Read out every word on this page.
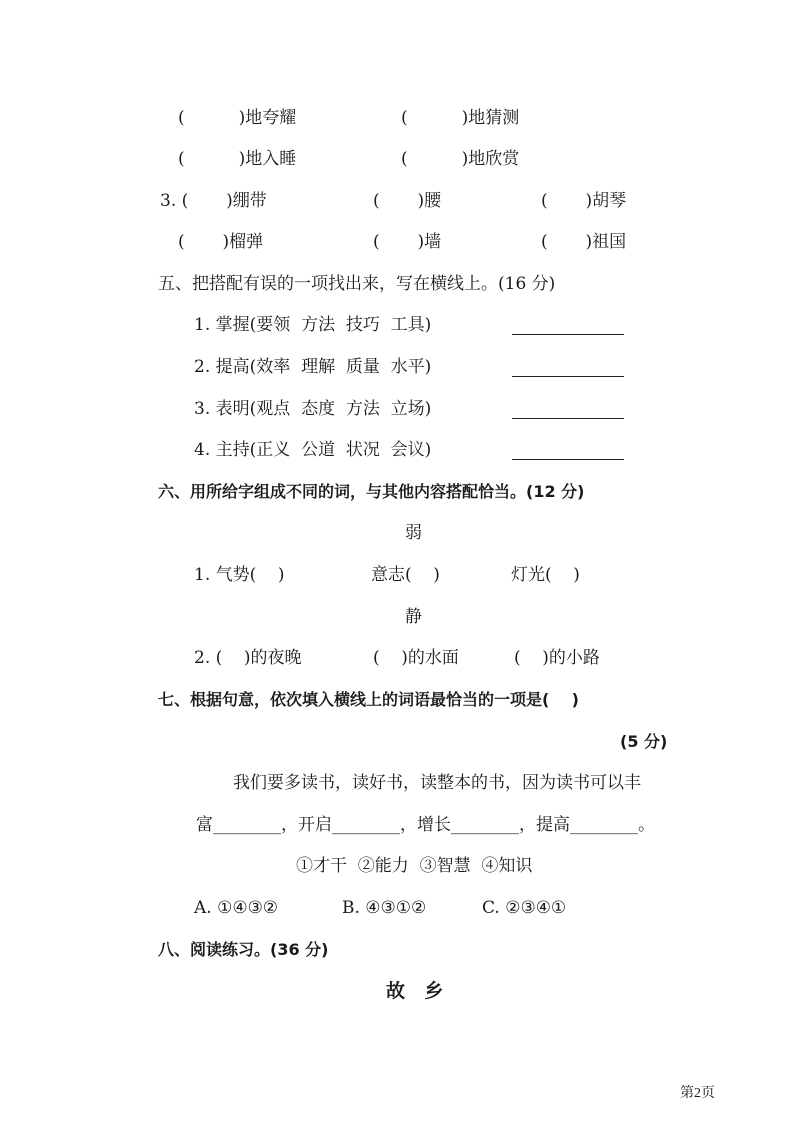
(          )地夸耀	(          )地猜测
(          )地入睡	(          )地欣赏
3. (       )绷带	(       )腰	(       )胡琴
(       )榴弹	(       )墙	(       )祖国
五、把搭配有误的一项找出来，写在横线上。(16 分)
1. 掌握(要领  方法  技巧  工具)
2. 提高(效率  理解  质量  水平)
3. 表明(观点  态度  方法  立场)
4. 主持(正义  公道  状况  会议)
六、用所给字组成不同的词，与其他内容搭配恰当。(12 分)
弱
1. 气势(    )	意志(    )	灯光(    )
静
2. (    )的夜晚	(    )的水面	(    )的小路
七、根据句意，依次填入横线上的词语最恰当的一项是(    )
(5 分)
我们要多读书，读好书，读整本的书，因为读书可以丰
富________，开启________，增长________，提高________。
①才干  ②能力  ③智慧  ④知识
A. ①④③②	B. ④③①②	C. ②③④①
八、阅读练习。(36 分)
故  乡
第2页
